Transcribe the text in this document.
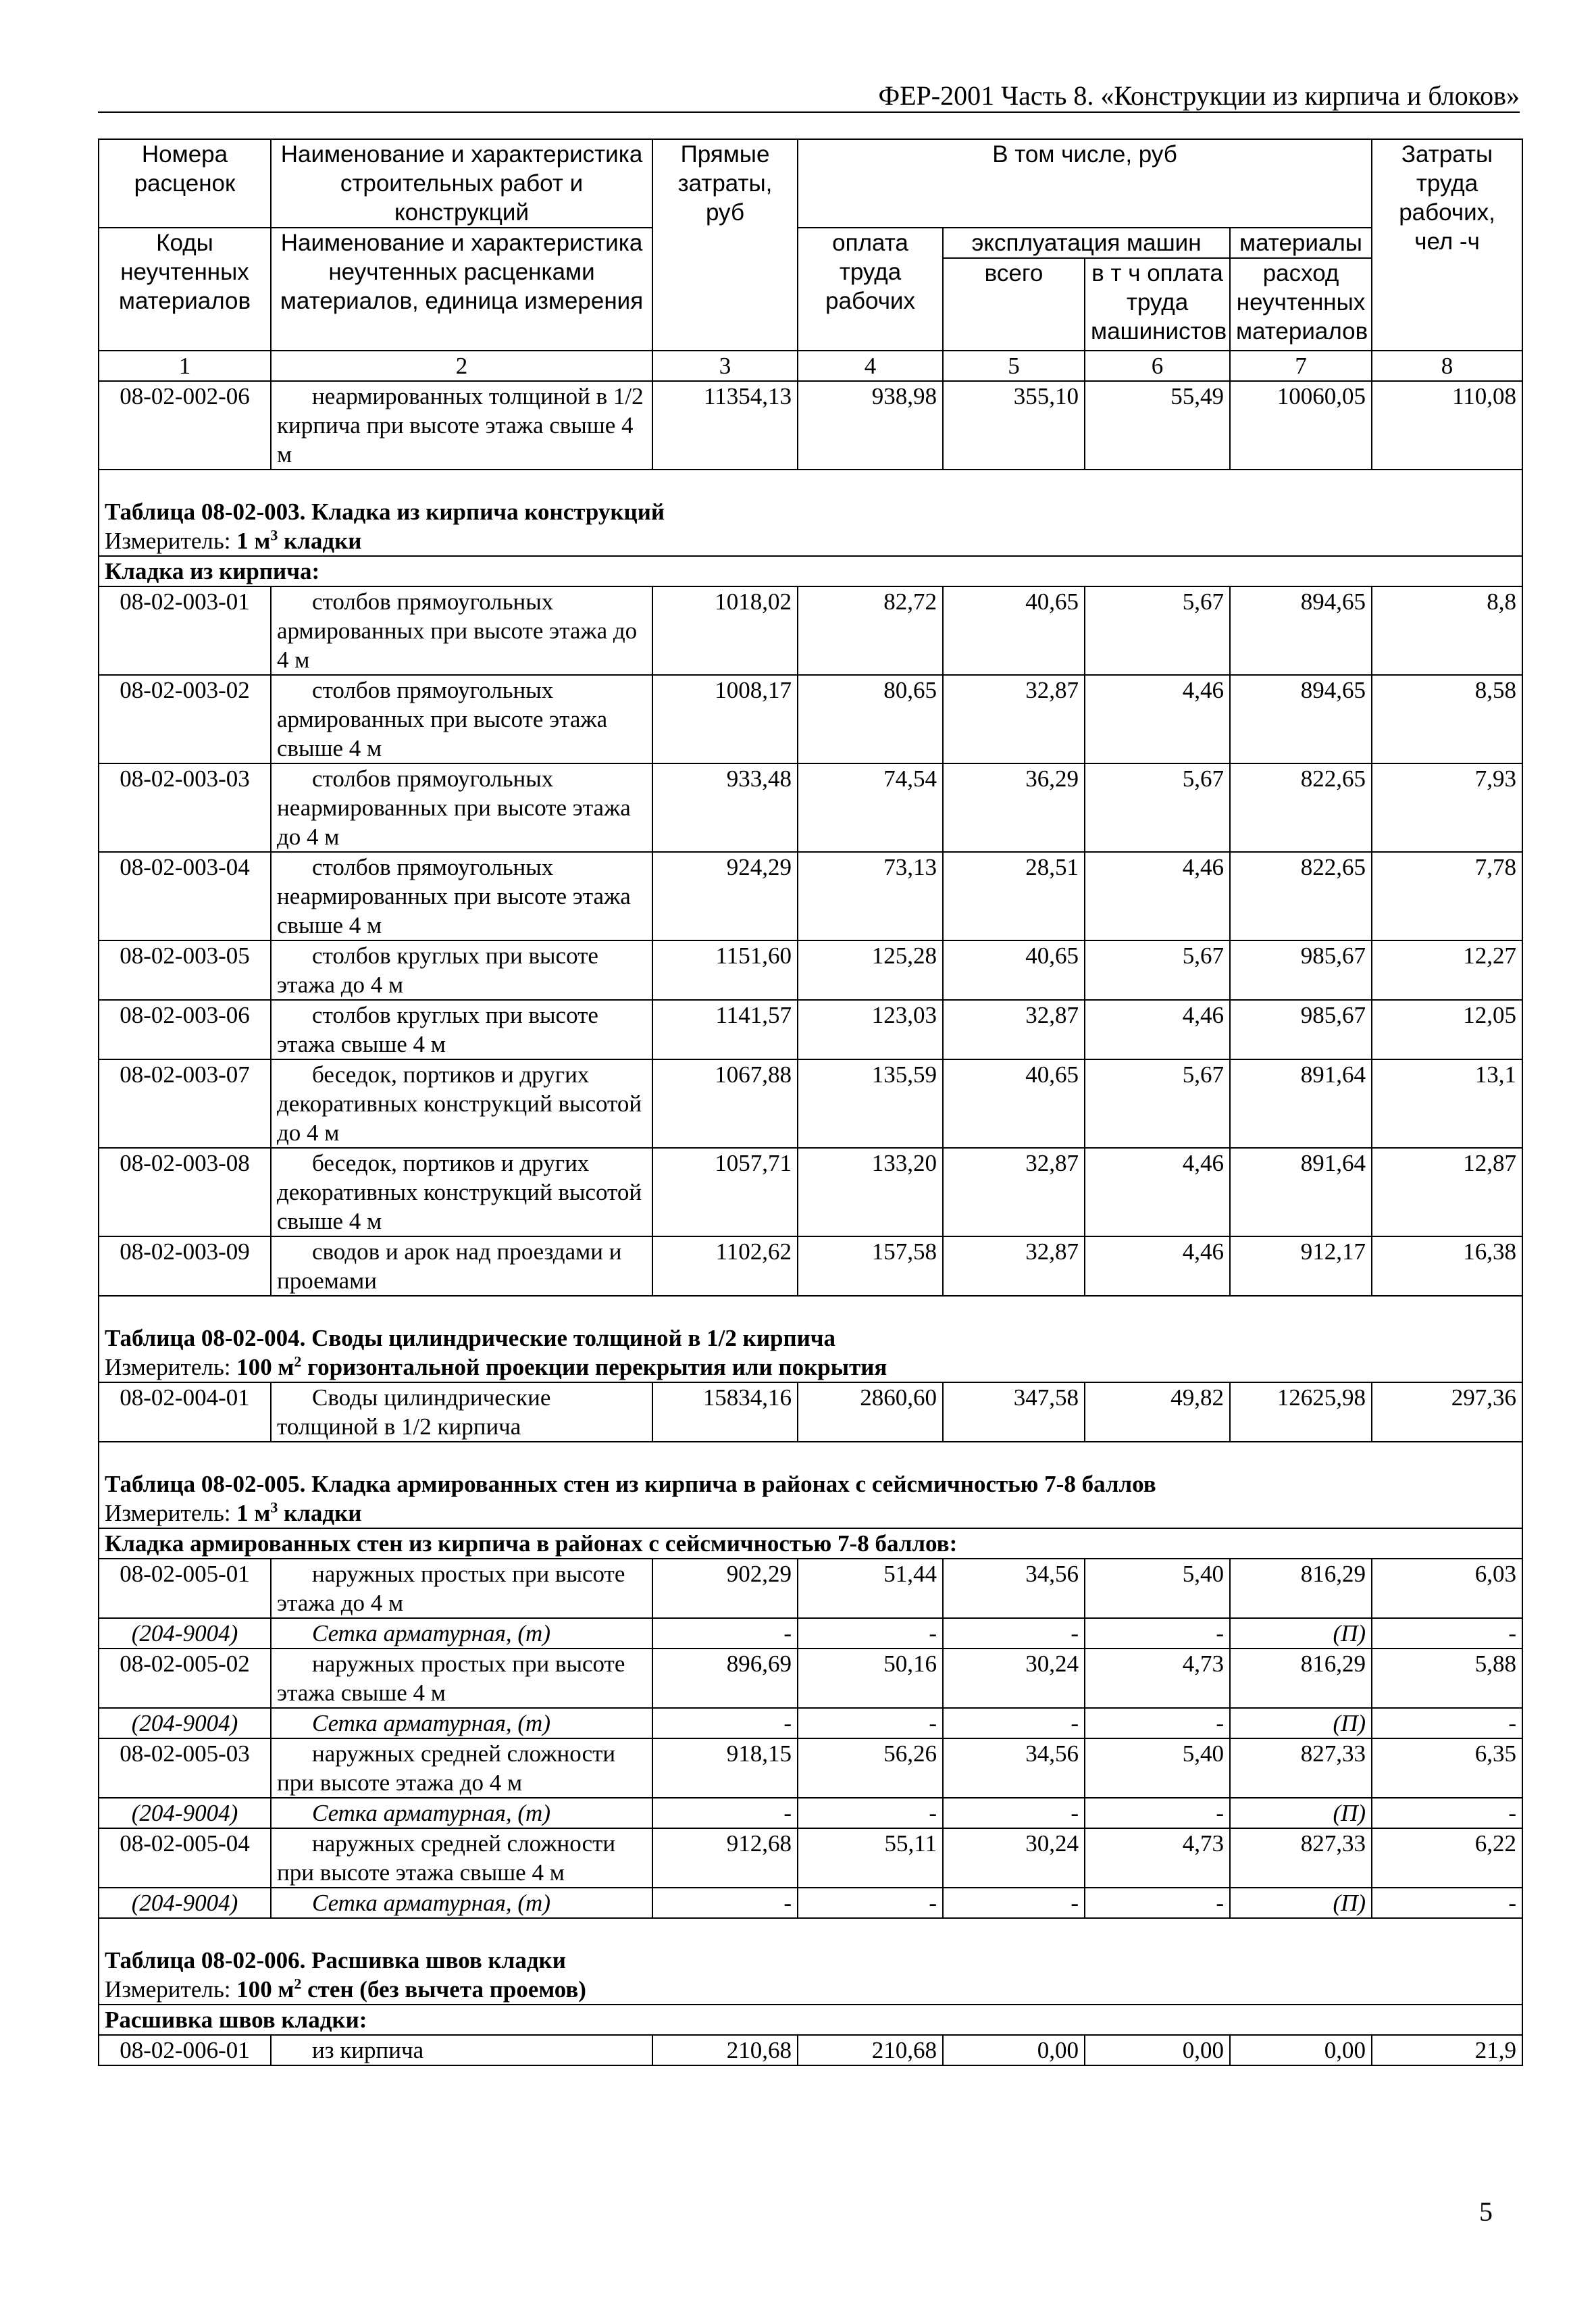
ФЕР-2001 Часть 8. «Конструкции из кирпича и блоков»
Номера расценок	Наименование и характеристика строительных работ и конструкций	Прямые затраты, руб	В том числе, руб				Затраты труда рабочих, чел -ч
Коды неучтенных материалов	Наименование и характеристика неучтенных расценками материалов, единица измерения		оплата труда рабочих	эксплуатация машин		материалы	
				всего	в т ч оплата труда машинистов	расход неучтенных материалов	
1	2	3	4	5	6	7	8
08-02-002-06	неармированных толщиной в 1/2 кирпича при высоте этажа свыше 4 м	11354,13	938,98	355,10	55,49	10060,05	110,08
Таблица 08-02-003. Кладка из кирпича конструкций							
Измеритель: 1 $м^3$ кладки							
Кладка из кирпича:							
08-02-003-01	столбов прямоугольных армированных при высоте этажа до 4 м	1018,02	82,72	40,65	5,67	894,65	8,8
08-02-003-02	столбов прямоугольных армированных при высоте этажа свыше 4 м	1008,17	80,65	32,87	4,46	894,65	8,58
08-02-003-03	столбов прямоугольных неармированных при высоте этажа до 4 м	933,48	74,54	36,29	5,67	822,65	7,93
08-02-003-04	столбов прямоугольных неармированных при высоте этажа свыше 4 м	924,29	73,13	28,51	4,46	822,65	7,78
08-02-003-05	столбов круглых при высоте этажа до 4 м	1151,60	125,28	40,65	5,67	985,67	12,27
08-02-003-06	столбов круглых при высоте этажа свыше 4 м	1141,57	123,03	32,87	4,46	985,67	12,05
08-02-003-07	беседок, портиков и других декоративных конструкций высотой до 4 м	1067,88	135,59	40,65	5,67	891,64	13,1
08-02-003-08	беседок, портиков и других декоративных конструкций высотой свыше 4 м	1057,71	133,20	32,87	4,46	891,64	12,87
08-02-003-09	сводов и арок над проездами и проемами	1102,62	157,58	32,87	4,46	912,17	16,38
Таблица 08-02-004. Своды цилиндрические толщиной в 1/2 кирпича							
Измеритель: 100 $м^2$ горизонтальной проекции перекрытия или покрытия							
08-02-004-01	Своды цилиндрические толщиной в 1/2 кирпича	15834,16	2860,60	347,58	49,82	12625,98	297,36
Таблица 08-02-005. Кладка армированных стен из кирпича в районах с сейсмичностью 7-8 баллов							
Измеритель: 1 $м^3$ кладки							
Кладка армированных стен из кирпича в районах с сейсмичностью 7-8 баллов:							
08-02-005-01	наружных простых при высоте этажа до 4 м	902,29	51,44	34,56	5,40	816,29	6,03
(204-9004)	Сетка арматурная, (т)	-	-	-	-	(П)	-
08-02-005-02	наружных простых при высоте этажа свыше 4 м	896,69	50,16	30,24	4,73	816,29	5,88
(204-9004)	Сетка арматурная, (т)	-	-	-	-	(П)	-
08-02-005-03	наружных средней сложности при высоте этажа до 4 м	918,15	56,26	34,56	5,40	827,33	6,35
(204-9004)	Сетка арматурная, (т)	-	-	-	-	(П)	-
08-02-005-04	наружных средней сложности при высоте этажа свыше 4 м	912,68	55,11	30,24	4,73	827,33	6,22
(204-9004)	Сетка арматурная, (т)	-	-	-	-	(П)	-
Таблица 08-02-006. Расшивка швов кладки							
Измеритель: 100 $м^2$ стен (без вычета проемов)							
Расшивка швов кладки:							
08-02-006-01	из кирпича	210,68	210,68	0,00	0,00	0,00	21,9
5
